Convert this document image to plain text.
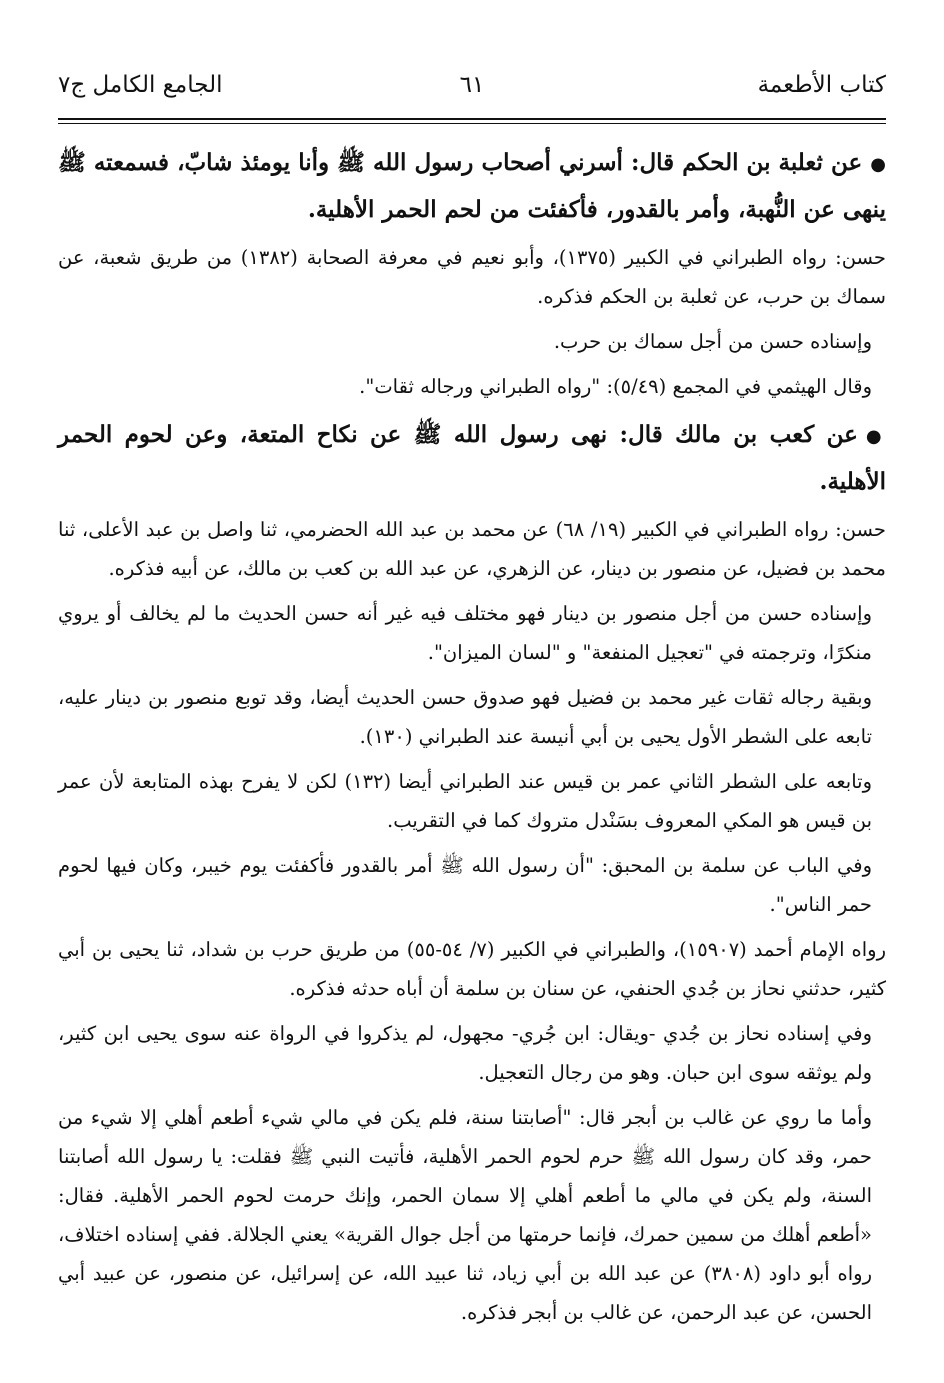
كتاب الأطعمة
٦١
الجامع الكامل ج٧

●عن ثعلبة بن الحكم قال: أسرني أصحاب رسول الله ﷺ وأنا يومئذ شابّ، فسمعته ﷺ ينهى عن النُّهبة، وأمر بالقدور، فأكفئت من لحم الحمر الأهلية.

حسن: رواه الطبراني في الكبير (١٣٧٥)، وأبو نعيم في معرفة الصحابة (١٣٨٢) من طريق شعبة، عن سماك بن حرب، عن ثعلبة بن الحكم فذكره.

وإسناده حسن من أجل سماك بن حرب.

وقال الهيثمي في المجمع (٥/٤٩): "رواه الطبراني ورجاله ثقات".

●عن كعب بن مالك قال: نهى رسول الله ﷺ عن نكاح المتعة، وعن لحوم الحمر الأهلية.

حسن: رواه الطبراني في الكبير (١٩/ ٦٨) عن محمد بن عبد الله الحضرمي، ثنا واصل بن عبد الأعلى، ثنا محمد بن فضيل، عن منصور بن دينار، عن الزهري، عن عبد الله بن كعب بن مالك، عن أبيه فذكره.

وإسناده حسن من أجل منصور بن دينار فهو مختلف فيه غير أنه حسن الحديث ما لم يخالف أو يروي منكرًا، وترجمته في "تعجيل المنفعة" و "لسان الميزان".

وبقية رجاله ثقات غير محمد بن فضيل فهو صدوق حسن الحديث أيضا، وقد توبع منصور بن دينار عليه، تابعه على الشطر الأول يحيى بن أبي أنيسة عند الطبراني (١٣٠).

وتابعه على الشطر الثاني عمر بن قيس عند الطبراني أيضا (١٣٢) لكن لا يفرح بهذه المتابعة لأن عمر بن قيس هو المكي المعروف بسَنْدل متروك كما في التقريب.

وفي الباب عن سلمة بن المحبق: "أن رسول الله ﷺ أمر بالقدور فأكفئت يوم خيبر، وكان فيها لحوم حمر الناس".

رواه الإمام أحمد (١٥٩٠٧)، والطبراني في الكبير (٧/ ٥٤-٥٥) من طريق حرب بن شداد، ثنا يحيى بن أبي كثير، حدثني نحاز بن جُدي الحنفي، عن سنان بن سلمة أن أباه حدثه فذكره.

وفي إسناده نحاز بن جُدي -ويقال: ابن جُري- مجهول، لم يذكروا في الرواة عنه سوى يحيى ابن كثير، ولم يوثقه سوى ابن حبان. وهو من رجال التعجيل.

وأما ما روي عن غالب بن أبجر قال: "أصابتنا سنة، فلم يكن في مالي شيء أطعم أهلي إلا شيء من حمر، وقد كان رسول الله ﷺ حرم لحوم الحمر الأهلية، فأتيت النبي ﷺ فقلت: يا رسول الله أصابتنا السنة، ولم يكن في مالي ما أطعم أهلي إلا سمان الحمر، وإنك حرمت لحوم الحمر الأهلية. فقال: «أطعم أهلك من سمين حمرك، فإنما حرمتها من أجل جوال القرية» يعني الجلالة. ففي إسناده اختلاف، رواه أبو داود (٣٨٠٨) عن عبد الله بن أبي زياد، ثنا عبيد الله، عن إسرائيل، عن منصور، عن عبيد أبي الحسن، عن عبد الرحمن، عن غالب بن أبجر فذكره.
